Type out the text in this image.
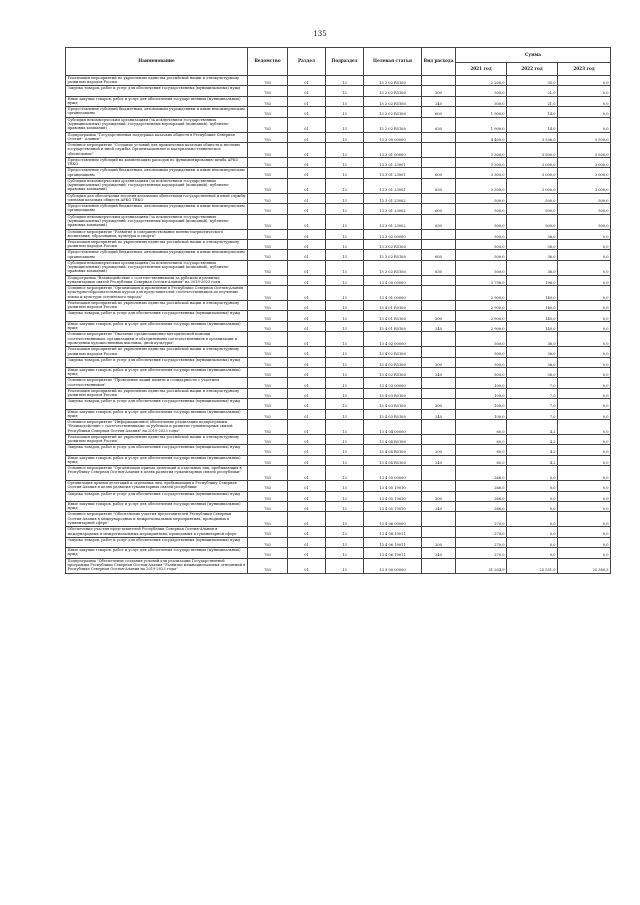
135
Наименование	Ведомство	Раздел	Подраздел	Целевая статья	Вид расхода	Сумма		
						2021 год	2022 год	2023 год
Реализация мероприятий по укреплению единства российской нации и этнокультурному развитию народов России	783	01	13	13 2 02 R5160		2 200,0	35,0	0,0
Закупка товаров, работ и услуг для обеспечения государственных (муниципальных) нужд	783	01	13	13 2 02 R5160	200	300,0	21,0	0,0
Иные закупки товаров, работ и услуг для обеспечения государственных (муниципальных) нужд	783	01	13	13 2 02 R5160	240	300,0	21,0	0,0
Предоставление субсидий бюджетным, автономным учреждениям и иным некоммерческим организациям	783	01	13	13 2 02 R5160	600	1 900,0	14,0	0,0
Субсидии некоммерческим организациям (за исключением государственных (муниципальных) учреждений, государственных корпораций (компаний), публично-правовых компаний)	783	01	13	13 2 02 R5160	630	1 900,0	14,0	0,0
Подпрограмма "Государственная поддержка казачьих обществ в Республике Северная Осетия - Алания"	783	01	13	13 3 00 00000		4 400,0	3 536,0	3 500,0
Основное мероприятие "Создание условий для привлечения казачьих обществ к несению государственной и иной службы. Организационное и материально-техническое обеспечение"	783	01	13	13 3 01 00000		3 300,0	3 500,0	3 500,0
Предоставление субсидий на компенсацию расходов по функционированию штаба АРКО ТВКО	783	01	13	13 3 01 23001		3 300,0	3 000,0	3 000,0
Предоставление субсидий бюджетным, автономным учреждениям и иным некоммерческим организациям	783	01	13	13 3 01 23001	600	3 300,0	3 000,0	3 000,0
Субсидии некоммерческим организациям (за исключением государственных (муниципальных) учреждений, государственных корпораций (компаний), публично-правовых компаний)	783	01	13	13 3 01 23001	630	3 300,0	3 000,0	3 000,0
Субсидия для обеспечения несения казачьими обществами государственной и иной службы членами казачьих обществ АРКО ТВКО	783	01	13	13 3 01 23002		500,0	500,0	500,0
Предоставление субсидий бюджетным, автономным учреждениям и иным некоммерческим организациям	783	01	13	13 3 01 23002	600	500,0	500,0	500,0
Субсидии некоммерческим организациям (за исключением государственных (муниципальных) учреждений, государственных корпораций (компаний), публично-правовых компаний)	783	01	13	13 3 01 23002	630	500,0	500,0	500,0
Основное мероприятие "Развитие и совершенствование военно-патриотического воспитания, образования, культуры и спорта"	783	01	13	13 3 02 00000		500,0	36,0	0,0
Реализация мероприятий по укреплению единства российской нации и этнокультурному развитию народов России	783	01	13	13 3 02 R5160		500,0	36,0	0,0
Предоставление субсидий бюджетным, автономным учреждениям и иным некоммерческим организациям	783	01	13	13 3 02 R5160	600	500,0	36,0	0,0
Субсидии некоммерческим организациям (за исключением государственных (муниципальных) учреждений, государственных корпораций (компаний), публично-правовых компаний)	783	01	13	13 3 02 R5160	630	500,0	36,0	0,0
Подпрограмма "Взаимодействие с соотечественниками за рубежом и развитие гуманитарных связей Республики Северная Осетия-Алания" на 2019-2023 годы	783	01	13	13 4 00 00000		3 796,0	196,0	0,0
Основное мероприятие "Организация и проведение в Республике Северная Осетия-Алания культурно-образовательных курсов для представителей соотечественников по изучению языка и культуры осетинского народа"	783	01	13	13 4 01 00000		2 900,0	140,0	0,0
Реализация мероприятий по укреплению единства российской нации и этнокультурному развитию народов России	783	01	13	13 4 01 R5160		2 900,0	140,0	0,0
Закупка товаров, работ и услуг для обеспечения государственных (муниципальных) нужд	783	01	13	13 4 01 R5160	200	2 900,0	140,0	0,0
Иные закупки товаров, работ и услуг для обеспечения государственных (муниципальных) нужд	783	01	13	13 4 01 R5160	240	2 900,0	140,0	0,0
Основное мероприятие "Оказание организационно-методической помощи соотечественникам, организациям и объединениям соотечественников в организации и проведении художественных выставок, дней культуры"	783	01	13	13 4 02 00000		500,0	36,0	0,0
Реализация мероприятий по укреплению единства российской нации и этнокультурному развитию народов России	783	01	13	13 4 02 R5160		500,0	36,0	0,0
Закупка товаров, работ и услуг для обеспечения государственных (муниципальных) нужд	783	01	13	13 4 02 R5160	200	500,0	36,0	0,0
Иные закупки товаров, работ и услуг для обеспечения государственных (муниципальных) нужд	783	01	13	13 4 02 R5160	240	500,0	36,0	0,0
Основное мероприятие "Проведение акций памяти и солидарности с участием соотечественников"	783	01	13	13 4 03 00000		100,0	7,0	0,0
Реализация мероприятий по укреплению единства российской нации и этнокультурному развитию народов России	783	01	13	13 4 03 R5160		100,0	7,0	0,0
Закупка товаров, работ и услуг для обеспечения государственных (муниципальных) нужд	783	01	13	13 4 03 R5160	200	100,0	7,0	0,0
Иные закупки товаров, работ и услуг для обеспечения государственных (муниципальных) нужд	783	01	13	13 4 03 R5160	240	100,0	7,0	0,0
Основное мероприятие "Информационное обеспечение реализации подпрограммы "Взаимодействие с соотечественниками за рубежом и развитие гуманитарных связей Республики Северная Осетия-Алания" на 2019-2023 годы"	783	01	13	13 4 04 00000		60,0	4,2	0,0
Реализация мероприятий по укреплению единства российской нации и этнокультурному развитию народов России	783	01	13	13 4 04 R5160		60,0	4,2	0,0
Закупка товаров, работ и услуг для обеспечения государственных (муниципальных) нужд	783	01	13	13 4 04 R5160	200	60,0	4,2	0,0
Иные закупки товаров, работ и услуг для обеспечения государственных (муниципальных) нужд	783	01	13	13 4 04 R5160	240	60,0	4,2	0,0
Основное мероприятие "Организация приема делегаций и отдельных лиц, пребывающих в Республику Северная Осетия-Алания в целях развития гуманитарных связей республики"	783	01	13	13 4 05 00000		266,0	0,0	0,0
Организация приема делегаций и отдельных лиц, пребывающих в Республику Северная Осетия-Алания в целях развития гуманитарных связей республики	783	01	13	13 4 05 19010		266,0	0,0	0,0
Закупка товаров, работ и услуг для обеспечения государственных (муниципальных) нужд	783	01	13	13 4 05 19010	200	266,0	0,0	0,0
Иные закупки товаров, работ и услуг для обеспечения государственных (муниципальных) нужд	783	01	13	13 4 05 19010	240	266,0	0,0	0,0
Основное мероприятие "Обеспечение участия представителей Республики Северная Осетия-Алания в международных и межрегиональных мероприятиях, проводимых в гуманитарной сфере"	783	01	13	13 4 06 00000		270,0	0,0	0,0
Обеспечение участия представителей Республики Северная Осетия-Алания в международных и межрегиональных мероприятиях, проводимых в гуманитарной сфере	783	01	13	13 4 06 19011		270,0	0,0	0,0
Закупка товаров, работ и услуг для обеспечения государственных (муниципальных) нужд	783	01	13	13 4 06 19011	200	270,0	0,0	0,0
Иные закупки товаров, работ и услуг для обеспечения государственных (муниципальных) нужд	783	01	13	13 4 06 19011	240	270,0	0,0	0,0
Подпрограмма "Обеспечение создания условий для реализации Государственной программы Республики Северная Осетия-Алания "Развитие межнациональных отношений в Республике Северная Осетия-Алания на 2019-2023 годы"	783	01	13	13 5 00 00000		31 204,9	25 551,9	25 380,3
